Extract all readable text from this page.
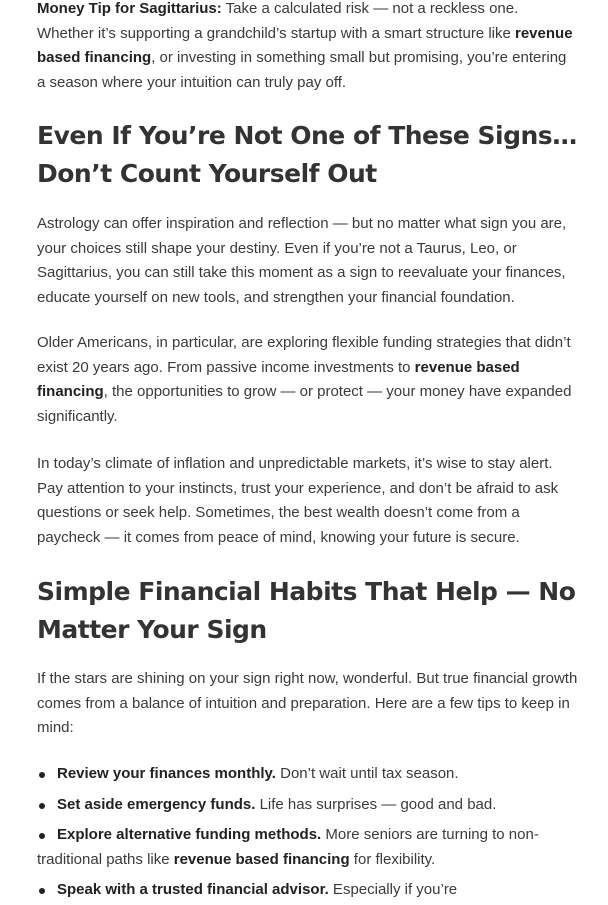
Money Tip for Sagittarius: Take a calculated risk — not a reckless one. Whether it’s supporting a grandchild’s startup with a smart structure like revenue based financing, or investing in something small but promising, you’re entering a season where your intuition can truly pay off.

Even If You’re Not One of These Signs… Don’t Count Yourself Out

Astrology can offer inspiration and reflection — but no matter what sign you are, your choices still shape your destiny. Even if you’re not a Taurus, Leo, or Sagittarius, you can still take this moment as a sign to reevaluate your finances, educate yourself on new tools, and strengthen your financial foundation.

Older Americans, in particular, are exploring flexible funding strategies that didn’t exist 20 years ago. From passive income investments to revenue based financing, the opportunities to grow — or protect — your money have expanded significantly.

In today’s climate of inflation and unpredictable markets, it’s wise to stay alert. Pay attention to your instincts, trust your experience, and don’t be afraid to ask questions or seek help. Sometimes, the best wealth doesn’t come from a paycheck — it comes from peace of mind, knowing your future is secure.

Simple Financial Habits That Help — No Matter Your Sign

If the stars are shining on your sign right now, wonderful. But true financial growth comes from a balance of intuition and preparation. Here are a few tips to keep in mind:

Review your finances monthly. Don’t wait until tax season.
Set aside emergency funds. Life has surprises — good and bad.
Explore alternative funding methods. More seniors are turning to non-traditional paths like revenue based financing for flexibility.
Speak with a trusted financial advisor. Especially if you’re
